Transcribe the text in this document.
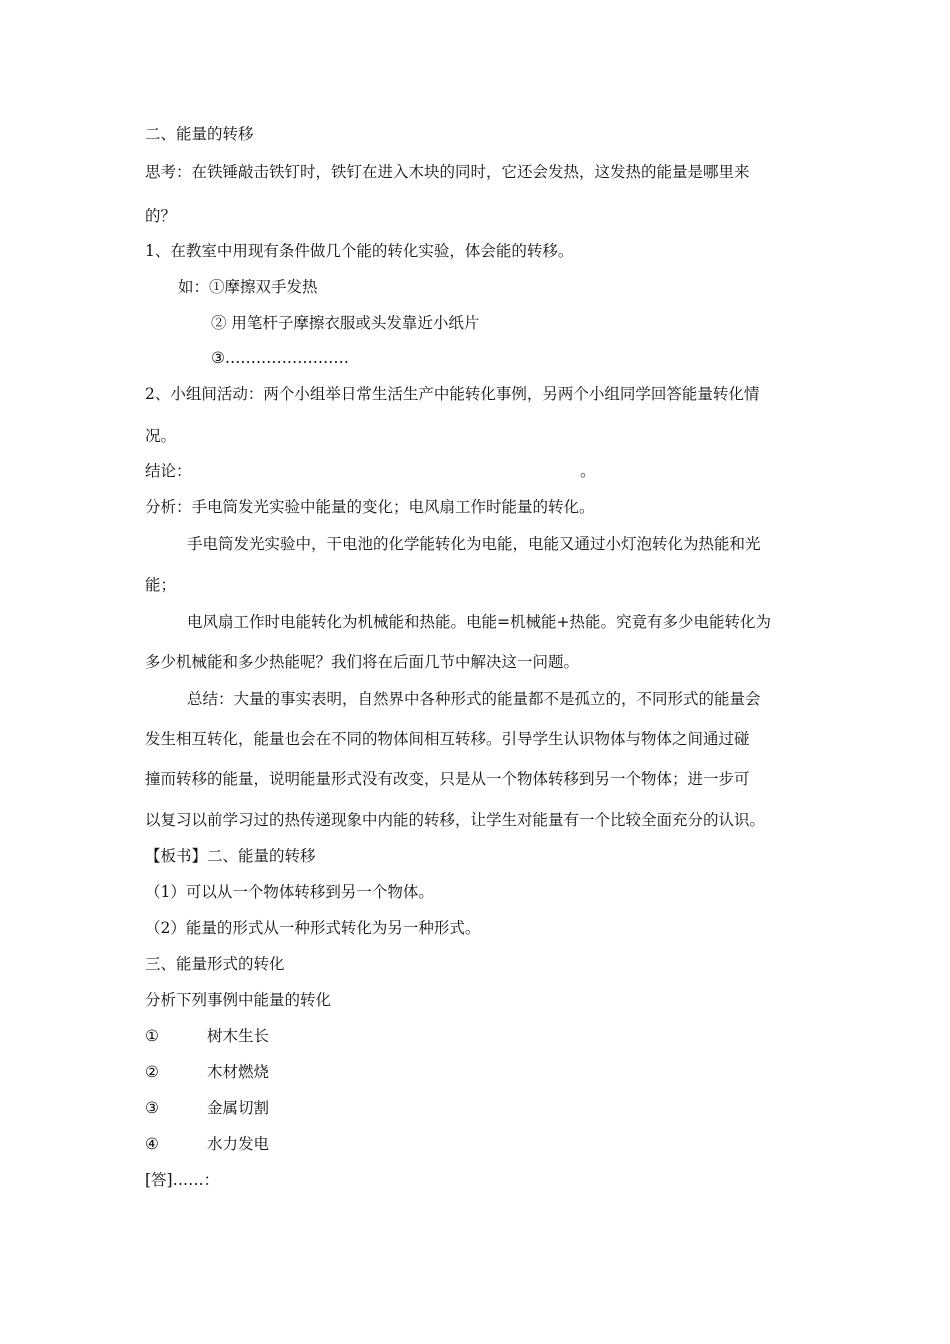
二、能量的转移
思考：在铁锤敲击铁钉时，铁钉在进入木块的同时，它还会发热，这发热的能量是哪里来
的？
1、在教室中用现有条件做几个能的转化实验，体会能的转移。
如：①摩擦双手发热
② 用笔杆子摩擦衣服或头发靠近小纸片
③……………………
2、小组间活动：两个小组举日常生活生产中能转化事例，另两个小组同学回答能量转化情
况。
结论：	。
分析：手电筒发光实验中能量的变化；电风扇工作时能量的转化。
手电筒发光实验中，干电池的化学能转化为电能，电能又通过小灯泡转化为热能和光
能；
电风扇工作时电能转化为机械能和热能。电能=机械能+热能。究竟有多少电能转化为
多少机械能和多少热能呢？我们将在后面几节中解决这一问题。
总结：大量的事实表明，自然界中各种形式的能量都不是孤立的，不同形式的能量会
发生相互转化，能量也会在不同的物体间相互转移。引导学生认识物体与物体之间通过碰
撞而转移的能量，说明能量形式没有改变，只是从一个物体转移到另一个物体；进一步可
以复习以前学习过的热传递现象中内能的转移，让学生对能量有一个比较全面充分的认识。
【板书】二、能量的转移
（1）可以从一个物体转移到另一个物体。
（2）能量的形式从一种形式转化为另一种形式。
三、能量形式的转化
分析下列事例中能量的转化
①	树木生长
②	木材燃烧
③	金属切割
④	水力发电
[答]……：
